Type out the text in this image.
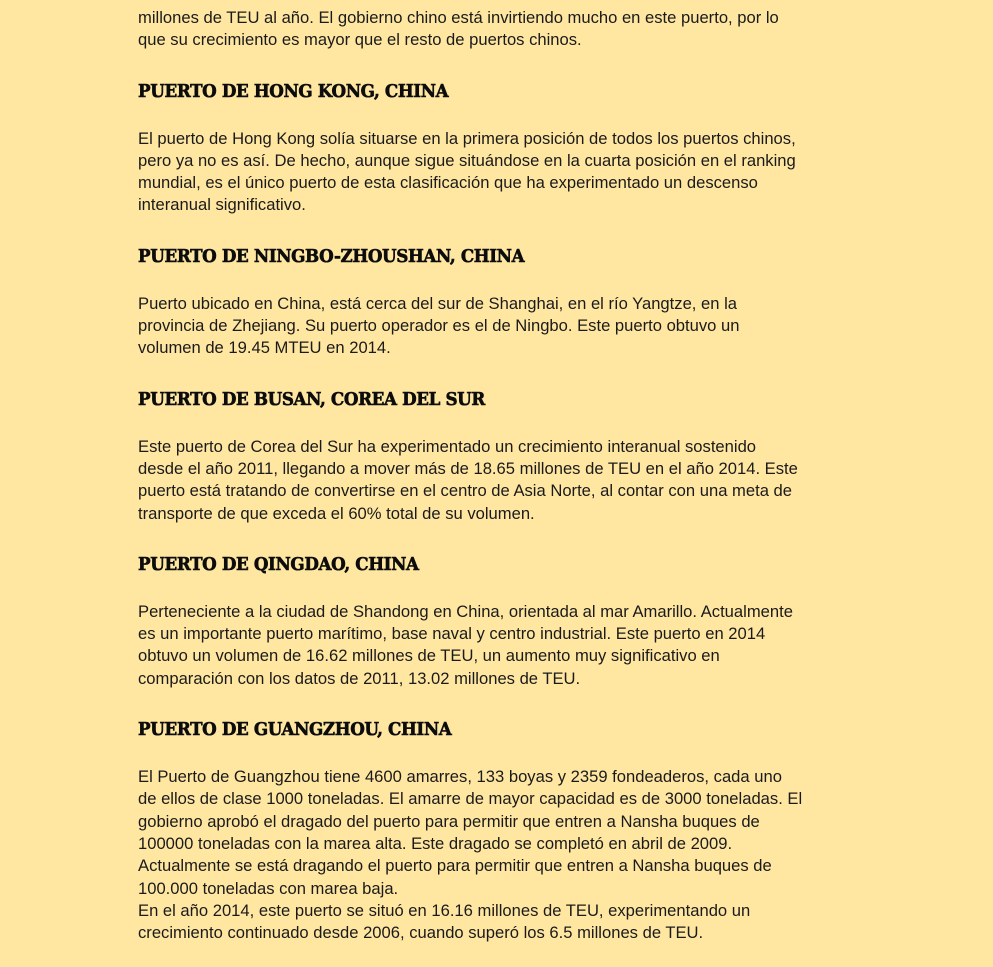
millones de TEU al año. El gobierno chino está invirtiendo mucho en este puerto, por lo
que su crecimiento es mayor que el resto de puertos chinos.

PUERTO DE HONG KONG, CHINA

El puerto de Hong Kong solía situarse en la primera posición de todos los puertos chinos,
pero ya no es así. De hecho, aunque sigue situándose en la cuarta posición en el ranking
mundial, es el único puerto de esta clasificación que ha experimentado un descenso
interanual significativo.

PUERTO DE NINGBO-ZHOUSHAN, CHINA

Puerto ubicado en China, está cerca del sur de Shanghai, en el río Yangtze, en la
provincia de Zhejiang. Su puerto operador es el de Ningbo. Este puerto obtuvo un
volumen de 19.45 MTEU en 2014.

PUERTO DE BUSAN, COREA DEL SUR

Este puerto de Corea del Sur ha experimentado un crecimiento interanual sostenido
desde el año 2011, llegando a mover más de 18.65 millones de TEU en el año 2014. Este
puerto está tratando de convertirse en el centro de Asia Norte, al contar con una meta de
transporte de que exceda el 60% total de su volumen.

PUERTO DE QINGDAO, CHINA

Perteneciente a la ciudad de Shandong en China, orientada al mar Amarillo. Actualmente
es un importante puerto marítimo, base naval y centro industrial. Este puerto en 2014
obtuvo un volumen de 16.62 millones de TEU, un aumento muy significativo en
comparación con los datos de 2011, 13.02 millones de TEU.

PUERTO DE GUANGZHOU, CHINA

El Puerto de Guangzhou tiene 4600 amarres, 133 boyas y 2359 fondeaderos, cada uno
de ellos de clase 1000 toneladas. El amarre de mayor capacidad es de 3000 toneladas. El
gobierno aprobó el dragado del puerto para permitir que entren a Nansha buques de
100000 toneladas con la marea alta. Este dragado se completó en abril de 2009.
Actualmente se está dragando el puerto para permitir que entren a Nansha buques de
100.000 toneladas con marea baja.
En el año 2014, este puerto se situó en 16.16 millones de TEU, experimentando un
crecimiento continuado desde 2006, cuando superó los 6.5 millones de TEU.
